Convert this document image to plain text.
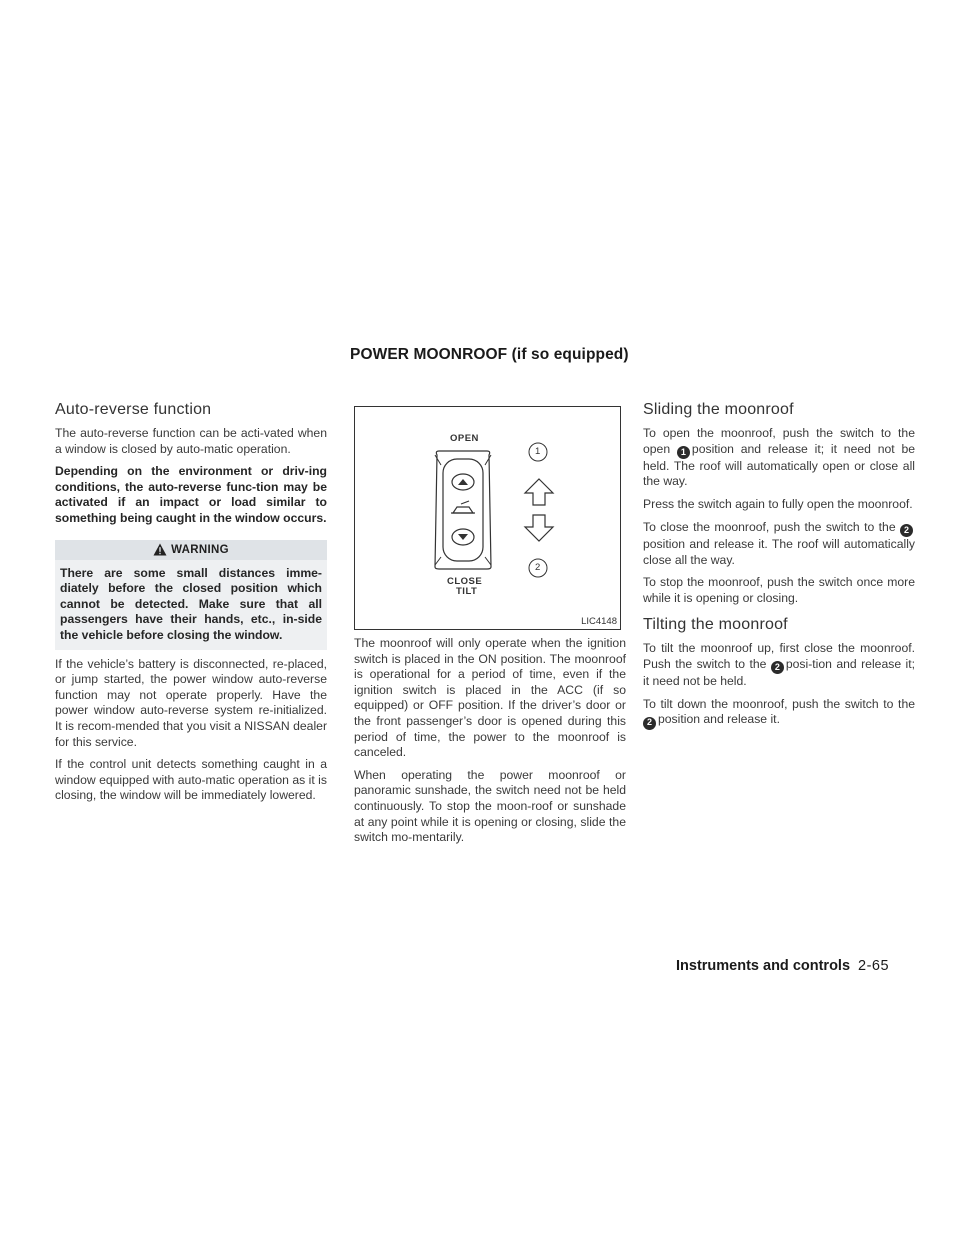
POWER MOONROOF (if so equipped)
Auto-reverse function

The auto-reverse function can be acti-vated when a window is closed by auto-matic operation.

Depending on the environment or driv-ing conditions, the auto-reverse func-tion may be activated if an impact or load similar to something being caught in the window occurs.

WARNING

There are some small distances imme-diately before the closed position which cannot be detected. Make sure that all passengers have their hands, etc., in-side the vehicle before closing the window.

If the vehicle’s battery is disconnected, re-placed, or jump started, the power window auto-reverse function may not operate properly. Have the power window auto-reverse system re-initialized. It is recom-mended that you visit a NISSAN dealer for this service.

If the control unit detects something caught in a window equipped with auto-matic operation as it is closing, the window will be immediately lowered.

OPEN
CLOSE
TILT
1
2
LIC4148

The moonroof will only operate when the ignition switch is placed in the ON position. The moonroof is operational for a period of time, even if the ignition switch is placed in the ACC (if so equipped) or OFF position. If the driver’s door or the front passenger’s door is opened during this period of time, the power to the moonroof is canceled.

When operating the power moonroof or panoramic sunshade, the switch need not be held continuously. To stop the moon-roof or sunshade at any point while it is opening or closing, slide the switch mo-mentarily.

Sliding the moonroof

To open the moonroof, push the switch to the open 1 position and release it; it need not be held. The roof will automatically open or close all the way.

Press the switch again to fully open the moonroof.

To close the moonroof, push the switch to the 2position and release it. The roof will automatically close all the way.

To stop the moonroof, push the switch once more while it is opening or closing.

Tilting the moonroof

To tilt the moonroof up, first close the moonroof. Push the switch to the 2 posi-tion and release it; it need not be held.

To tilt down the moonroof, push the switch to the 2 position and release it.

Instruments and controls 2-65
